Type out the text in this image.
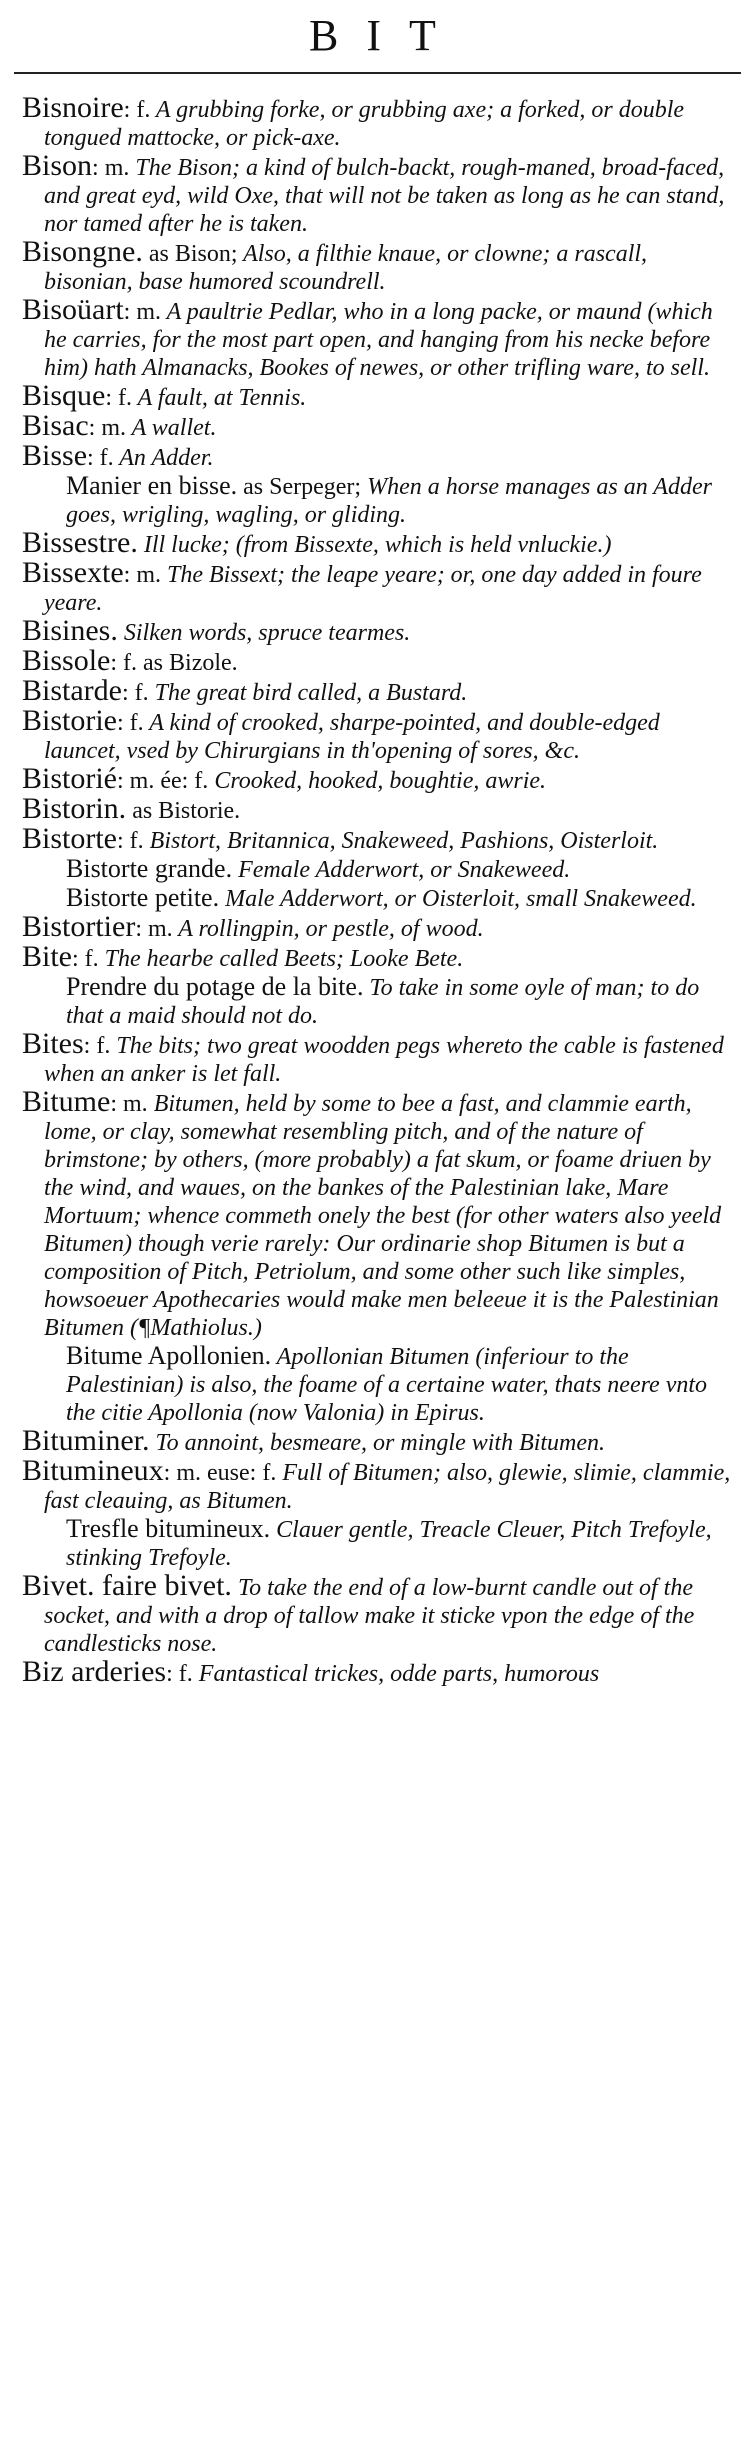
BIT

Bisnoire: f. A grubbing forke, or grubbing axe; a forked, or double tongued mattocke, or pick-axe.

Bison: m. The Bison; a kind of bulch-backt, rough-maned, broad-faced, and great eyd, wild Oxe, that will not be taken as long as he can stand, nor tamed after he is taken.

Bisongne. as Bison; Also, a filthie knaue, or clowne; a rascall, bisonian, base humored scoundrell.

Bisoüart: m. A paultrie Pedlar, who in a long packe, or maund (which he carries, for the most part open, and hanging from his necke before him) hath Almanacks, Bookes of newes, or other trifling ware, to sell.

Bisque: f. A fault, at Tennis.

Bisac: m. A wallet.

Bisse: f. An Adder.

Manier en bisse. as Serpeger; When a horse manages as an Adder goes, wrigling, wagling, or gliding.

Bissestre. Ill lucke; (from Bissexte, which is held vnluckie.)

Bissexte: m. The Bissext; the leape yeare; or, one day added in foure yeare.

Bisines. Silken words, spruce tearmes.

Bissole: f. as Bizole.

Bistarde: f. The great bird called, a Bustard.

Bistorie: f. A kind of crooked, sharpe-pointed, and double-edged launcet, vsed by Chirurgians in th'opening of sores, &c.

Bistorié: m. ée: f. Crooked, hooked, boughtie, awrie.

Bistorin. as Bistorie.

Bistorte: f. Bistort, Britannica, Snakeweed, Pashions, Oisterloit.

Bistorte grande. Female Adderwort, or Snakeweed.

Bistorte petite. Male Adderwort, or Oisterloit, small Snakeweed.

Bistortier: m. A rollingpin, or pestle, of wood.

Bite: f. The hearbe called Beets; Looke Bete.

Prendre du potage de la bite. To take in some oyle of man; to do that a maid should not do.

Bites: f. The bits; two great woodden pegs whereto the cable is fastened when an anker is let fall.

Bitume: m. Bitumen, held by some to bee a fast, and clammie earth, lome, or clay, somewhat resembling pitch, and of the nature of brimstone; by others, (more probably) a fat skum, or foame driuen by the wind, and waues, on the bankes of the Palestinian lake, Mare Mortuum; whence commeth onely the best (for other waters also yeeld Bitumen) though verie rarely: Our ordinarie shop Bitumen is but a composition of Pitch, Petriolum, and some other such like simples, howsoeuer Apothecaries would make men beleeue it is the Palestinian Bitumen (¶Mathiolus.)

Bitume Apollonien. Apollonian Bitumen (inferiour to the Palestinian) is also, the foame of a certaine water, thats neere vnto the citie Apollonia (now Valonia) in Epirus.

Bituminer. To annoint, besmeare, or mingle with Bitumen.

Bitumineux: m. euse: f. Full of Bitumen; also, glewie, slimie, clammie, fast cleauing, as Bitumen.

Tresfle bitumineux. Clauer gentle, Treacle Cleuer, Pitch Trefoyle, stinking Trefoyle.

Bivet. faire bivet. To take the end of a low-burnt candle out of the socket, and with a drop of tallow make it sticke vpon the edge of the candlesticks nose.

Biz arderies: f. Fantastical trickes, odde parts, humorous
